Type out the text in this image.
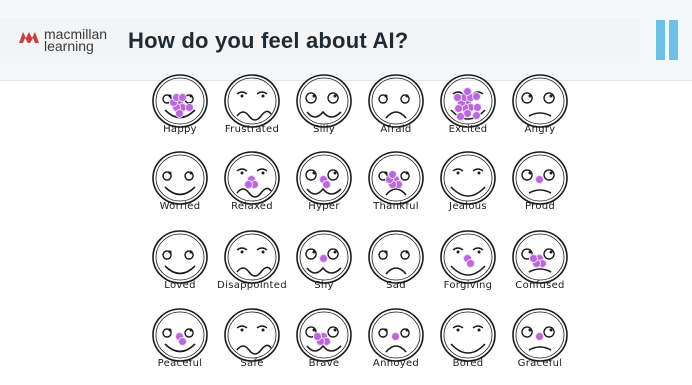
macmillan
learning	How do you feel about AI?
Happy	Frustrated	Silly	Afraid	Excited	Angry
Worried	Relaxed	Hyper	Thankful	Jealous	Proud
Loved	Disappointed	Shy	Sad	Forgiving	Confused
Peaceful	Safe	Brave	Annoyed	Bored	Graceful
